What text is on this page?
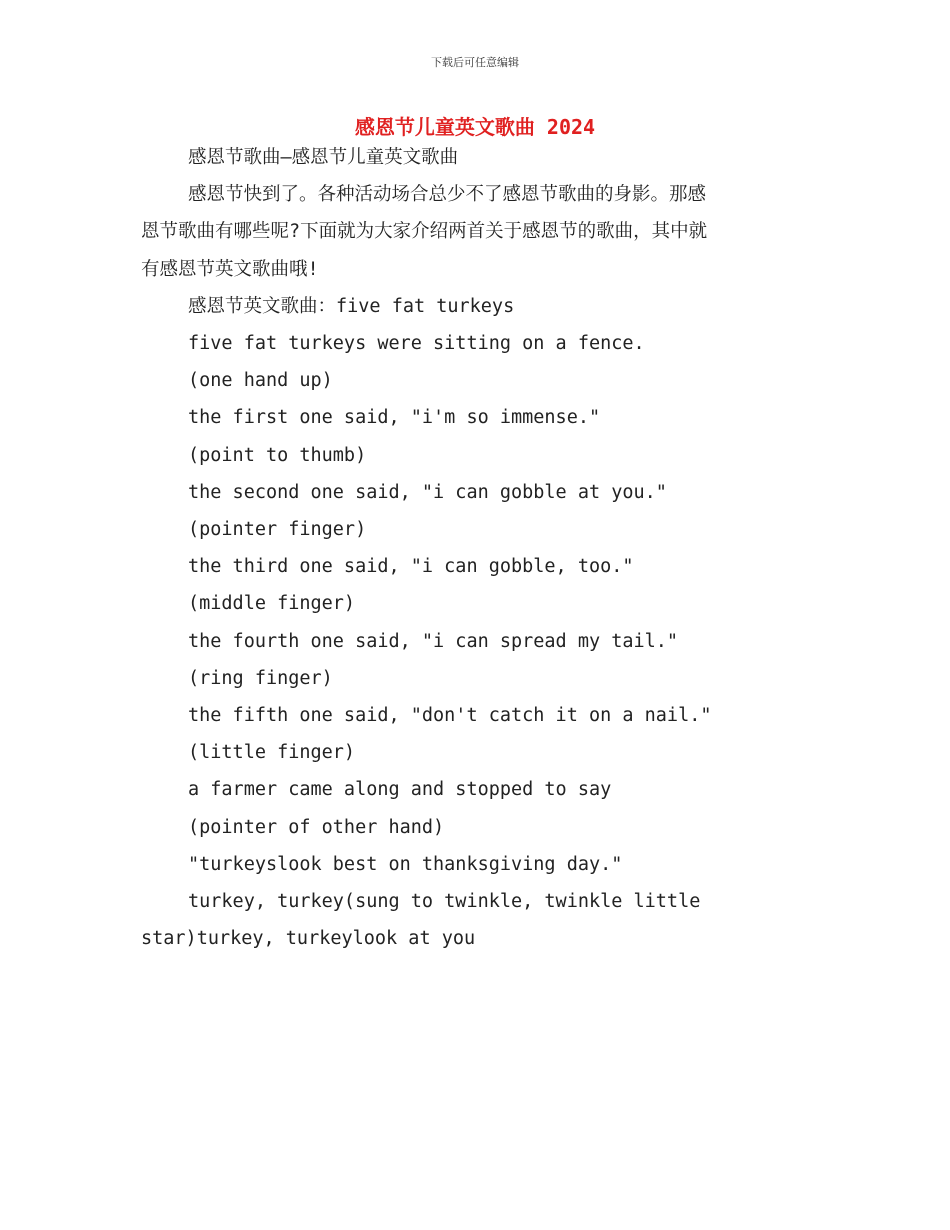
下载后可任意编辑
感恩节儿童英文歌曲 2024
感恩节歌曲—感恩节儿童英文歌曲
感恩节快到了。各种活动场合总少不了感恩节歌曲的身影。那感
恩节歌曲有哪些呢?下面就为大家介绍两首关于感恩节的歌曲，其中就
有感恩节英文歌曲哦!
感恩节英文歌曲：five fat turkeys
five fat turkeys were sitting on a fence.
(one hand up)
the first one said, "i'm so immense."
(point to thumb)
the second one said, "i can gobble at you."
(pointer finger)
the third one said, "i can gobble, too."
(middle finger)
the fourth one said, "i can spread my tail."
(ring finger)
the fifth one said, "don't catch it on a nail."
(little finger)
a farmer came along and stopped to say
(pointer of other hand)
"turkeyslook best on thanksgiving day."
turkey, turkey(sung to twinkle, twinkle little
star)turkey, turkeylook at you
